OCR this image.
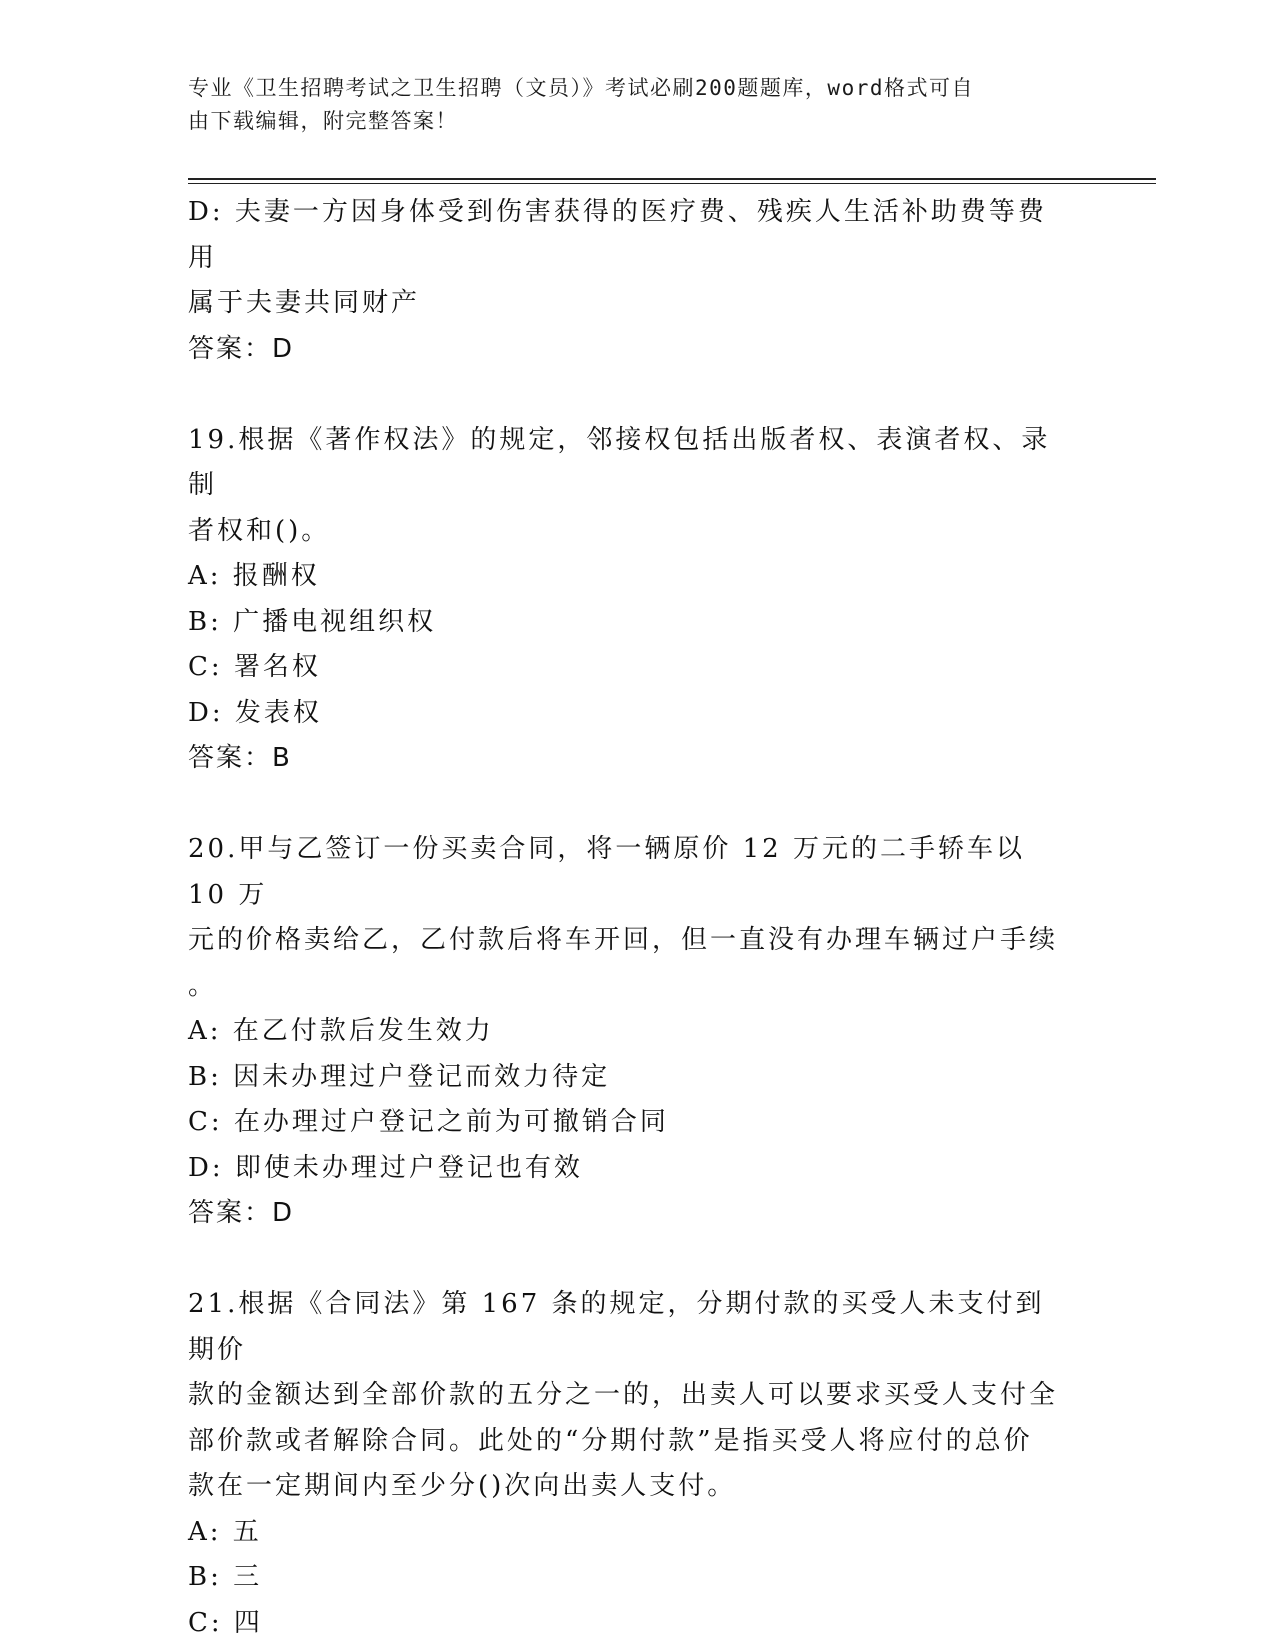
专业《卫生招聘考试之卫生招聘（文员）》考试必刷200题题库，word格式可自
由下载编辑，附完整答案！

D: 夫妻一方因身体受到伤害获得的医疗费、残疾人生活补助费等费用

属于夫妻共同财产

答案：D

19.根据《著作权法》的规定，邻接权包括出版者权、表演者权、录制

者权和()。

A: 报酬权

B: 广播电视组织权

C: 署名权

D: 发表权

答案：B

20.甲与乙签订一份买卖合同，将一辆原价 12 万元的二手轿车以 10 万

元的价格卖给乙，乙付款后将车开回，但一直没有办理车辆过户手续

。

A: 在乙付款后发生效力

B: 因未办理过户登记而效力待定

C: 在办理过户登记之前为可撤销合同

D: 即使未办理过户登记也有效

答案：D

21.根据《合同法》第 167 条的规定，分期付款的买受人未支付到期价

款的金额达到全部价款的五分之一的，出卖人可以要求买受人支付全

部价款或者解除合同。此处的“分期付款”是指买受人将应付的总价

款在一定期间内至少分()次向出卖人支付。

A: 五

B: 三

C: 四
